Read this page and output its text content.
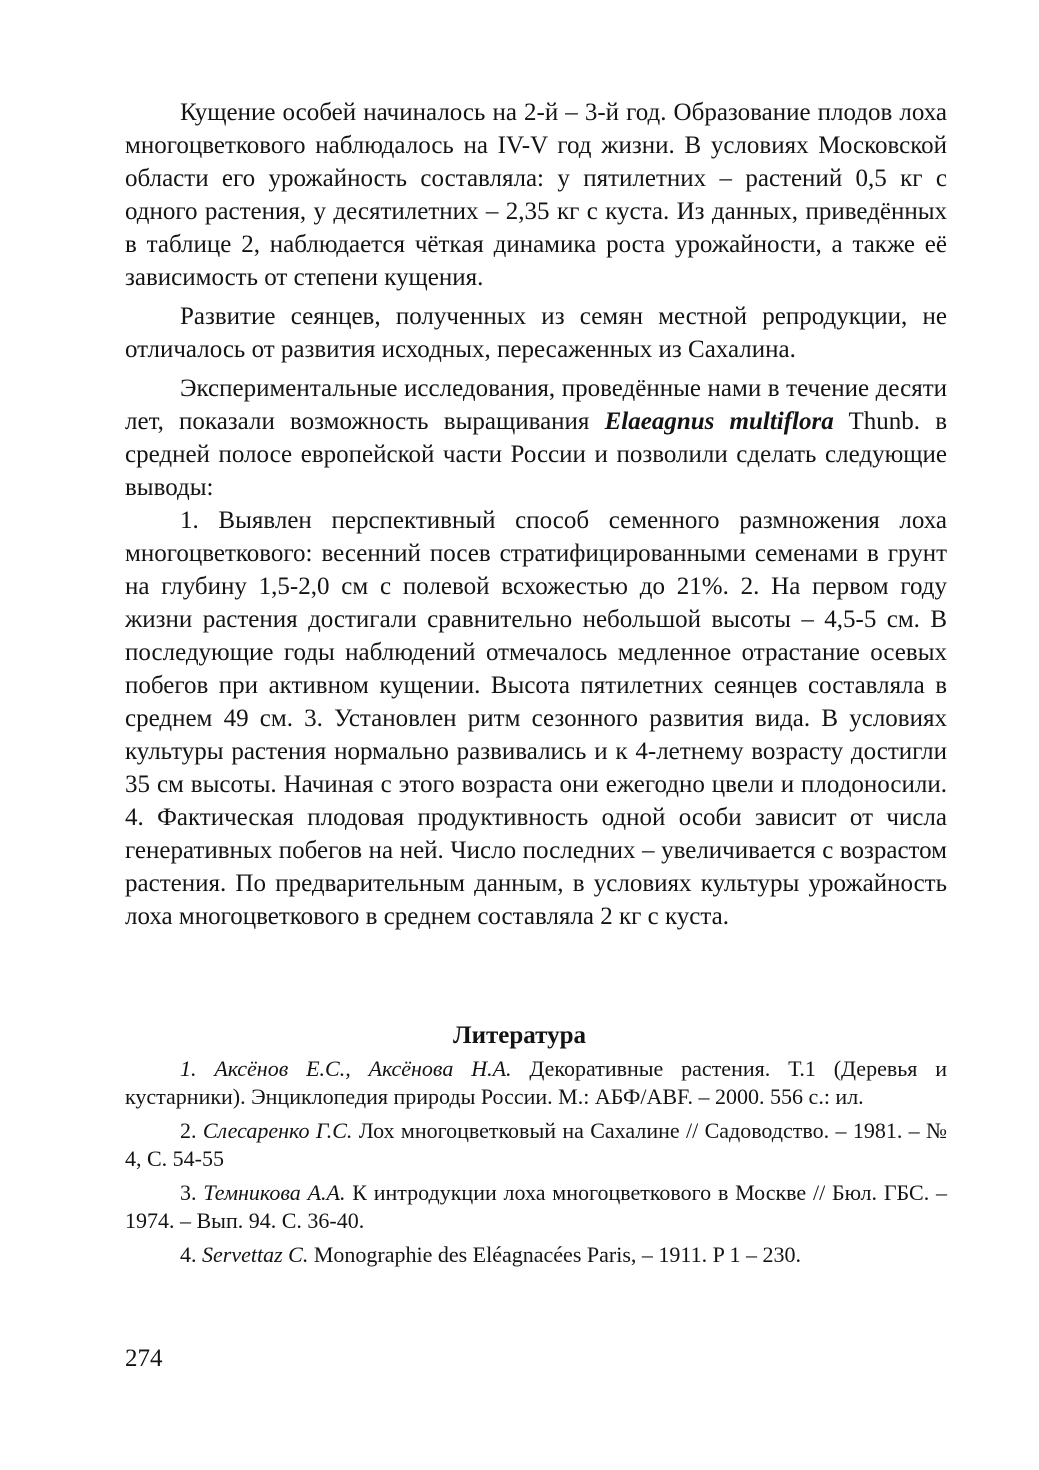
Кущение особей начиналось на 2-й – 3-й год. Образование плодов лоха многоцветкового наблюдалось на IV-V год жизни. В условиях Московской области его урожайность составляла: у пятилетних – растений 0,5 кг с одного растения, у десятилетних – 2,35 кг с куста. Из данных, приведённых в таблице 2, наблюдается чёткая динамика роста урожайности, а также её зависимость от степени кущения.

Развитие сеянцев, полученных из семян местной репродукции, не отличалось от развития исходных, пересаженных из Сахалина.

Экспериментальные исследования, проведённые нами в течение десяти лет, показали возможность выращивания Elaeagnus multiflora Thunb. в средней полосе европейской части России и позволили сделать следующие выводы:

1. Выявлен перспективный способ семенного размножения лоха многоцветкового: весенний посев стратифицированными семенами в грунт на глубину 1,5-2,0 см с полевой всхожестью до 21%. 2. На первом году жизни растения достигали сравнительно небольшой высоты – 4,5-5 см. В последующие годы наблюдений отмечалось медленное отрастание осевых побегов при активном кущении. Высота пятилетних сеянцев составляла в среднем 49 см. 3. Установлен ритм сезонного развития вида. В условиях культуры растения нормально развивались и к 4-летнему возрасту достигли 35 см высоты. Начиная с этого возраста они ежегодно цвели и плодоносили. 4. Фактическая плодовая продуктивность одной особи зависит от числа генеративных побегов на ней. Число последних – увеличивается с возрастом растения. По предварительным данным, в условиях культуры урожайность лоха многоцветкового в среднем составляла 2 кг с куста.

Литература
1. Аксёнов Е.С., Аксёнова Н.А. Декоративные растения. Т.1 (Деревья и кустарники). Энциклопедия природы России. М.: АБФ/ABF. – 2000. 556 с.: ил.
2. Слесаренко Г.С. Лох многоцветковый на Сахалине // Садоводство. – 1981. – № 4, С. 54-55
3. Темникова А.А. К интродукции лоха многоцветкового в Москве // Бюл. ГБС. – 1974. – Вып. 94. С. 36-40.
4. Servettaz C. Monographie des Eléagnacées Paris, – 1911. P 1 – 230.
274
